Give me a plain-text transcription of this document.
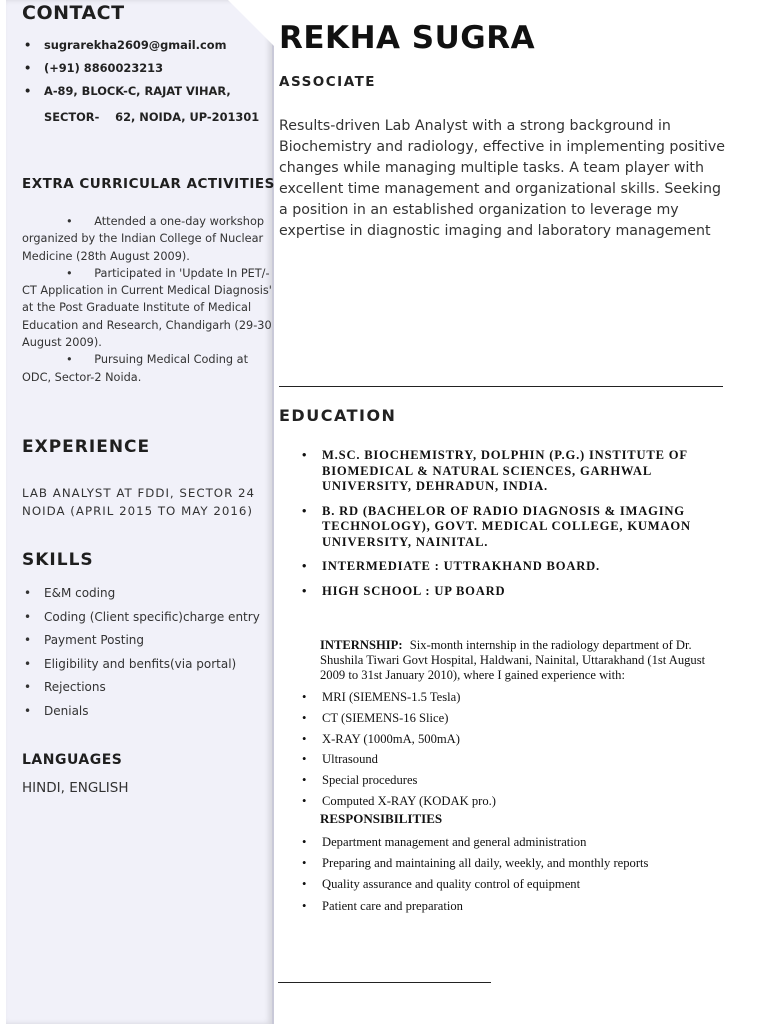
CONTACT
• sugrarekha2609@gmail.com
• (+91) 8860023213
• A-89, BLOCK-C, RAJAT VIHAR,
SECTOR-    62, NOIDA, UP-201301
EXTRA CURRICULAR ACTIVITIES

• Attended a one-day workshop organized by the Indian College of Nuclear Medicine (28th August 2009).

• Participated in 'Update In PET/- CT Application in Current Medical Diagnosis' at the Post Graduate Institute of Medical Education and Research, Chandigarh (29-30 August 2009).

• Pursuing Medical Coding at ODC, Sector-2 Noida.

EXPERIENCE
LAB ANALYST AT FDDI, SECTOR 24 NOIDA (APRIL 2015 TO MAY 2016)
SKILLS
• E&M coding
• Coding (Client specific)charge entry
• Payment Posting
• Eligibility and benfits(via portal)
• Rejections
• Denials
LANGUAGES
HINDI, ENGLISH
REKHA SUGRA
ASSOCIATE
Results-driven Lab Analyst with a strong background in Biochemistry and radiology, effective in implementing positive changes while managing multiple tasks. A team player with excellent time management and organizational skills. Seeking a position in an established organization to leverage my expertise in diagnostic imaging and laboratory management
EDUCATION
• M.SC. BIOCHEMISTRY, DOLPHIN (P.G.) INSTITUTE OF BIOMEDICAL & NATURAL SCIENCES, GARHWAL UNIVERSITY, DEHRADUN, INDIA.
• B. RD (BACHELOR OF RADIO DIAGNOSIS & IMAGING TECHNOLOGY), GOVT. MEDICAL COLLEGE, KUMAON UNIVERSITY, NAINITAL.
• INTERMEDIATE : UTTRAKHAND BOARD.
• HIGH SCHOOL : UP BOARD
INTERNSHIP: Six-month internship in the radiology department of Dr. Shushila Tiwari Govt Hospital, Haldwani, Nainital, Uttarakhand (1st August 2009 to 31st January 2010), where I gained experience with:
• MRI (SIEMENS-1.5 Tesla)
• CT (SIEMENS-16 Slice)
• X-RAY (1000mA, 500mA)
• Ultrasound
• Special procedures
• Computed X-RAY (KODAK pro.)
RESPONSIBILITIES
• Department management and general administration
• Preparing and maintaining all daily, weekly, and monthly reports
• Quality assurance and quality control of equipment
• Patient care and preparation
